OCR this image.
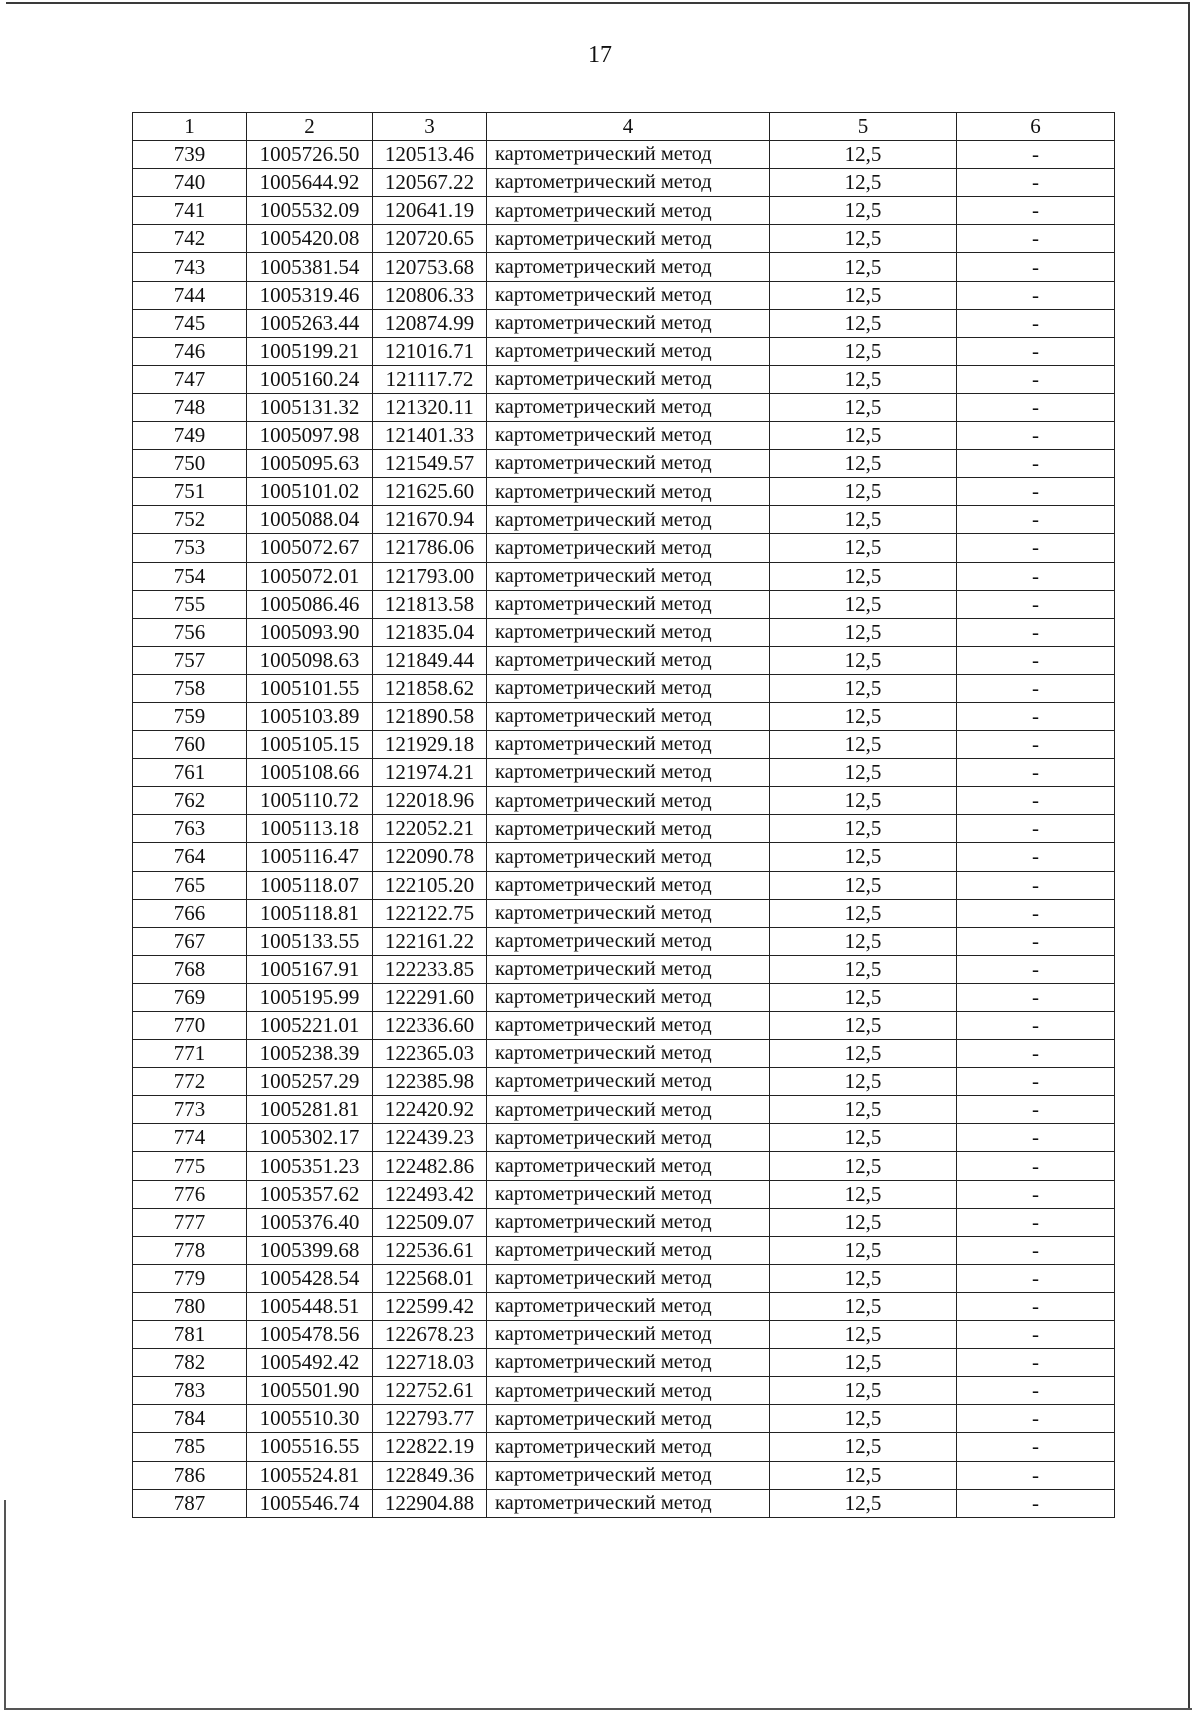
17
1	2	3	4	5	6
739	1005726.50	120513.46	картометрический метод	12,5	-
740	1005644.92	120567.22	картометрический метод	12,5	-
741	1005532.09	120641.19	картометрический метод	12,5	-
742	1005420.08	120720.65	картометрический метод	12,5	-
743	1005381.54	120753.68	картометрический метод	12,5	-
744	1005319.46	120806.33	картометрический метод	12,5	-
745	1005263.44	120874.99	картометрический метод	12,5	-
746	1005199.21	121016.71	картометрический метод	12,5	-
747	1005160.24	121117.72	картометрический метод	12,5	-
748	1005131.32	121320.11	картометрический метод	12,5	-
749	1005097.98	121401.33	картометрический метод	12,5	-
750	1005095.63	121549.57	картометрический метод	12,5	-
751	1005101.02	121625.60	картометрический метод	12,5	-
752	1005088.04	121670.94	картометрический метод	12,5	-
753	1005072.67	121786.06	картометрический метод	12,5	-
754	1005072.01	121793.00	картометрический метод	12,5	-
755	1005086.46	121813.58	картометрический метод	12,5	-
756	1005093.90	121835.04	картометрический метод	12,5	-
757	1005098.63	121849.44	картометрический метод	12,5	-
758	1005101.55	121858.62	картометрический метод	12,5	-
759	1005103.89	121890.58	картометрический метод	12,5	-
760	1005105.15	121929.18	картометрический метод	12,5	-
761	1005108.66	121974.21	картометрический метод	12,5	-
762	1005110.72	122018.96	картометрический метод	12,5	-
763	1005113.18	122052.21	картометрический метод	12,5	-
764	1005116.47	122090.78	картометрический метод	12,5	-
765	1005118.07	122105.20	картометрический метод	12,5	-
766	1005118.81	122122.75	картометрический метод	12,5	-
767	1005133.55	122161.22	картометрический метод	12,5	-
768	1005167.91	122233.85	картометрический метод	12,5	-
769	1005195.99	122291.60	картометрический метод	12,5	-
770	1005221.01	122336.60	картометрический метод	12,5	-
771	1005238.39	122365.03	картометрический метод	12,5	-
772	1005257.29	122385.98	картометрический метод	12,5	-
773	1005281.81	122420.92	картометрический метод	12,5	-
774	1005302.17	122439.23	картометрический метод	12,5	-
775	1005351.23	122482.86	картометрический метод	12,5	-
776	1005357.62	122493.42	картометрический метод	12,5	-
777	1005376.40	122509.07	картометрический метод	12,5	-
778	1005399.68	122536.61	картометрический метод	12,5	-
779	1005428.54	122568.01	картометрический метод	12,5	-
780	1005448.51	122599.42	картометрический метод	12,5	-
781	1005478.56	122678.23	картометрический метод	12,5	-
782	1005492.42	122718.03	картометрический метод	12,5	-
783	1005501.90	122752.61	картометрический метод	12,5	-
784	1005510.30	122793.77	картометрический метод	12,5	-
785	1005516.55	122822.19	картометрический метод	12,5	-
786	1005524.81	122849.36	картометрический метод	12,5	-
787	1005546.74	122904.88	картометрический метод	12,5	-
